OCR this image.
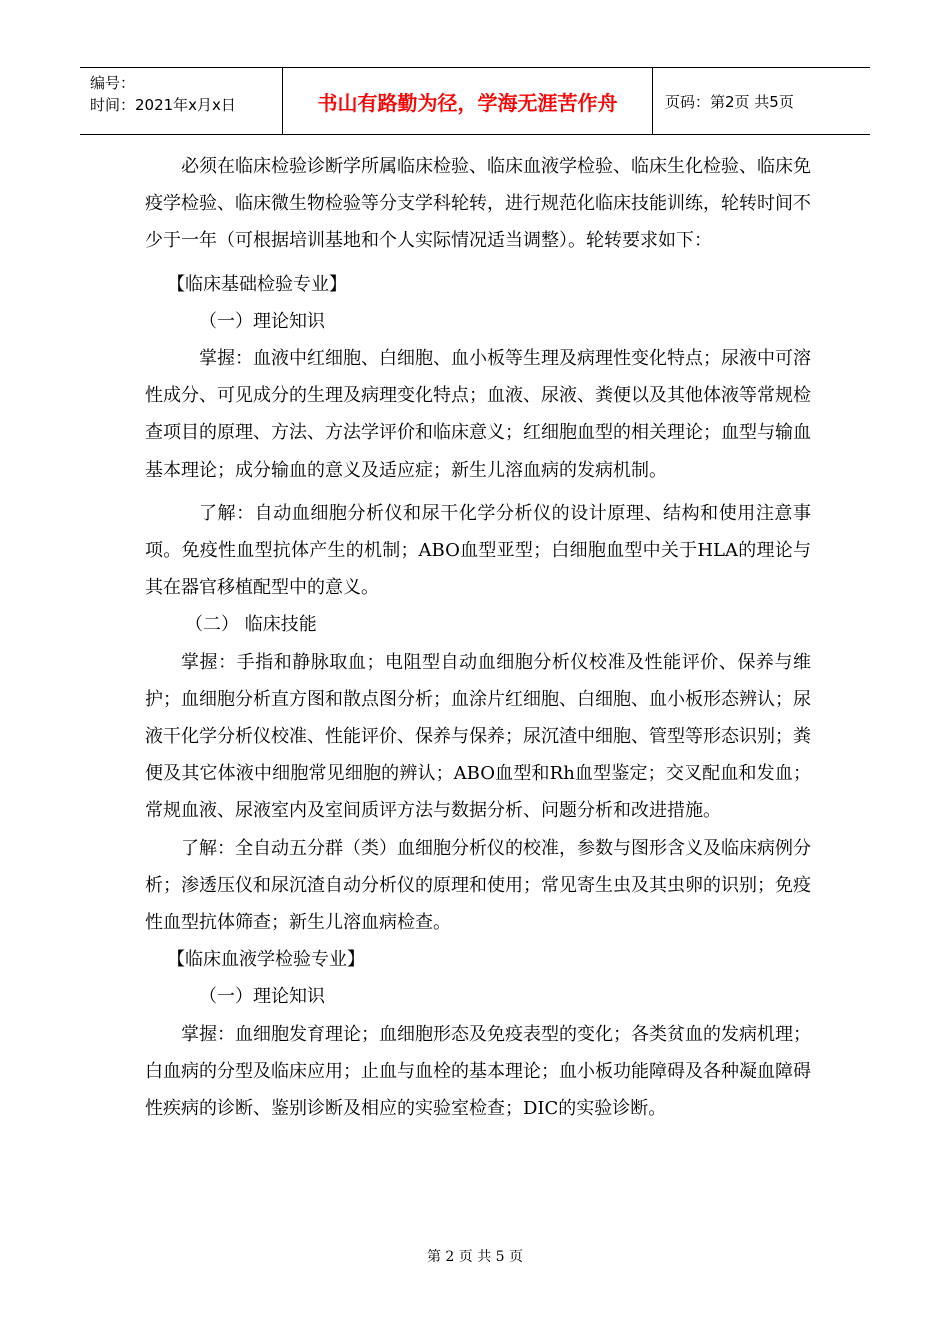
编号：
时间：2021年x月x日	书山有路勤为径，学海无涯苦作舟	页码：第2页 共5页

必须在临床检验诊断学所属临床检验、临床血液学检验、临床生化检验、临床免疫学检验、临床微生物检验等分支学科轮转，进行规范化临床技能训练，轮转时间不少于一年（可根据培训基地和个人实际情况适当调整）。轮转要求如下：

【临床基础检验专业】

（一）理论知识

掌握：血液中红细胞、白细胞、血小板等生理及病理性变化特点；尿液中可溶性成分、可见成分的生理及病理变化特点；血液、尿液、粪便以及其他体液等常规检查项目的原理、方法、方法学评价和临床意义；红细胞血型的相关理论；血型与输血基本理论；成分输血的意义及适应症；新生儿溶血病的发病机制。

了解：自动血细胞分析仪和尿干化学分析仪的设计原理、结构和使用注意事项。免疫性血型抗体产生的机制；ABO血型亚型；白细胞血型中关于HLA的理论与其在器官移植配型中的意义。

（二） 临床技能

掌握：手指和静脉取血；电阻型自动血细胞分析仪校准及性能评价、保养与维护；血细胞分析直方图和散点图分析；血涂片红细胞、白细胞、血小板形态辨认；尿液干化学分析仪校准、性能评价、保养与保养；尿沉渣中细胞、管型等形态识别；粪便及其它体液中细胞常见细胞的辨认；ABO血型和Rh血型鉴定；交叉配血和发血；常规血液、尿液室内及室间质评方法与数据分析、问题分析和改进措施。

了解：全自动五分群（类）血细胞分析仪的校准，参数与图形含义及临床病例分析；渗透压仪和尿沉渣自动分析仪的原理和使用；常见寄生虫及其虫卵的识别；免疫性血型抗体筛查；新生儿溶血病检查。

【临床血液学检验专业】

（一）理论知识

掌握：血细胞发育理论；血细胞形态及免疫表型的变化；各类贫血的发病机理；白血病的分型及临床应用；止血与血栓的基本理论；血小板功能障碍及各种凝血障碍性疾病的诊断、鉴别诊断及相应的实验室检查；DIC的实验诊断。

第 2 页 共 5 页
